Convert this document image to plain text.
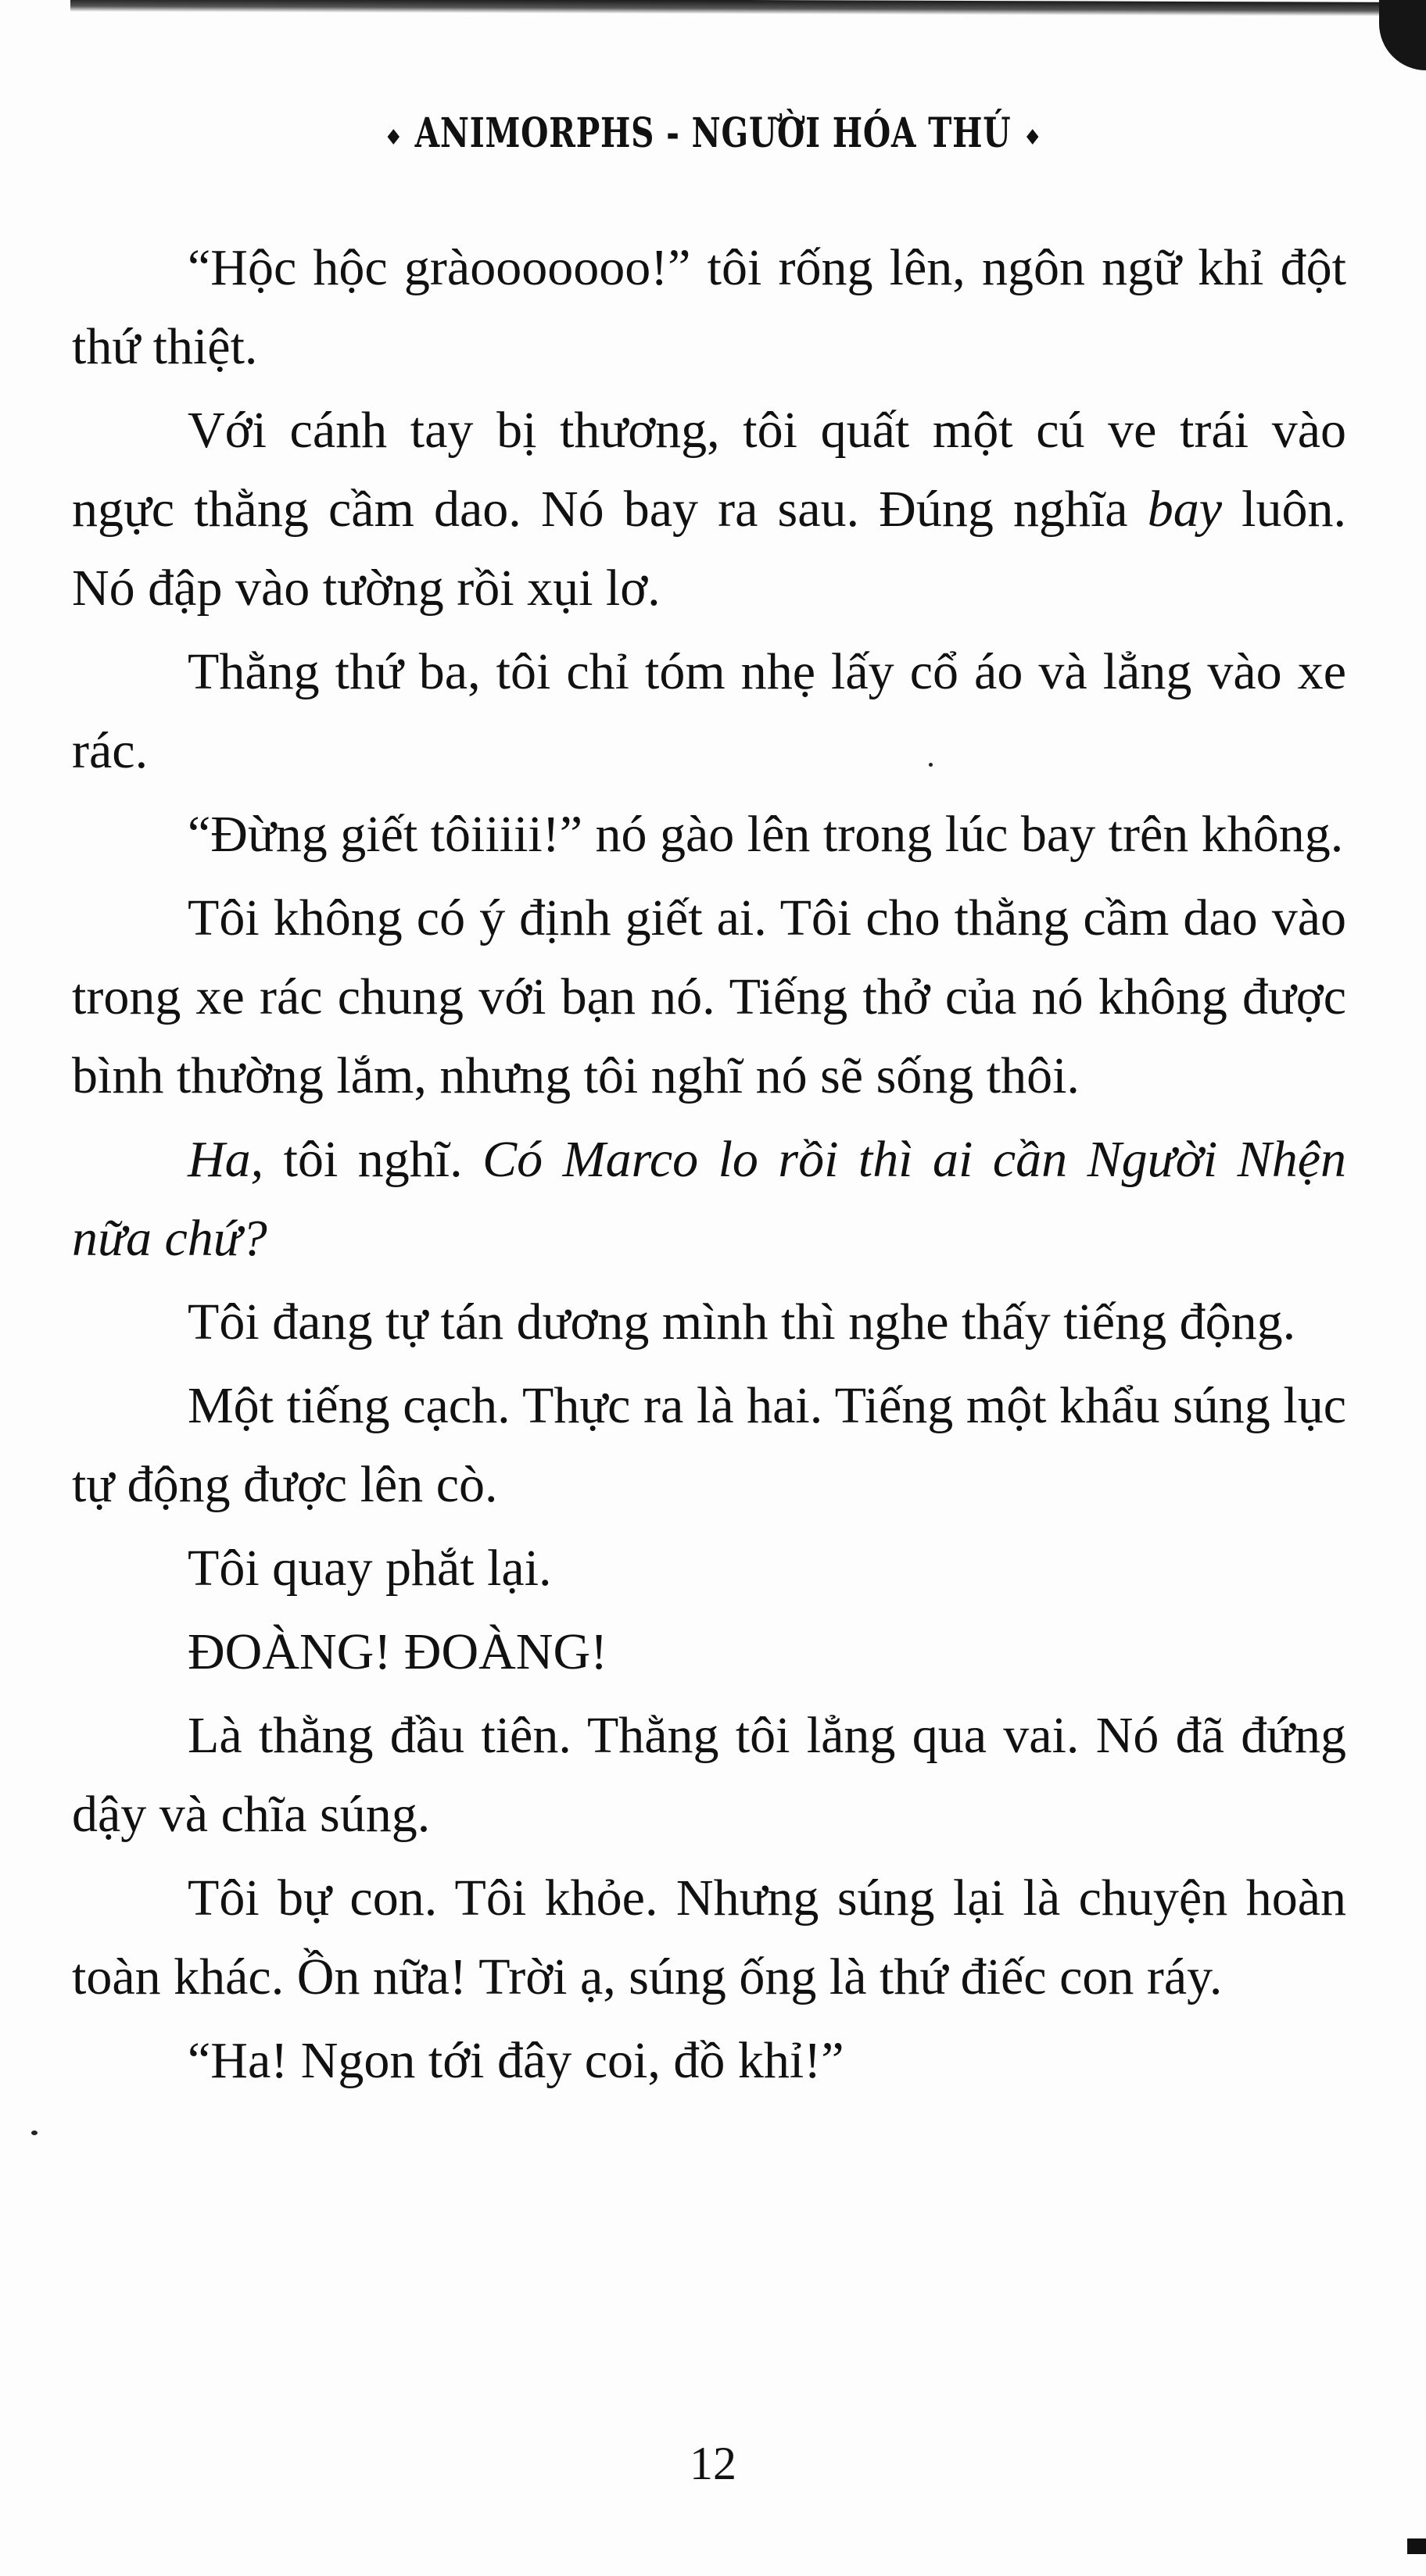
ANIMORPHS - NGƯỜI HÓA THÚ

“Hộc hộc gràooooooo!” tôi rống lên, ngôn ngữ khỉ đột thứ thiệt.

Với cánh tay bị thương, tôi quất một cú ve trái vào ngực thằng cầm dao. Nó bay ra sau. Đúng nghĩa bay luôn. Nó đập vào tường rồi xụi lơ.

Thằng thứ ba, tôi chỉ tóm nhẹ lấy cổ áo và lẳng vào xe rác.

“Đừng giết tôiiiii!” nó gào lên trong lúc bay trên không.

Tôi không có ý định giết ai. Tôi cho thằng cầm dao vào trong xe rác chung với bạn nó. Tiếng thở của nó không được bình thường lắm, nhưng tôi nghĩ nó sẽ sống thôi.

Ha, tôi nghĩ. Có Marco lo rồi thì ai cần Người Nhện nữa chứ?

Tôi đang tự tán dương mình thì nghe thấy tiếng động.

Một tiếng cạch. Thực ra là hai. Tiếng một khẩu súng lục tự động được lên cò.

Tôi quay phắt lại.

ĐOÀNG! ĐOÀNG!

Là thằng đầu tiên. Thằng tôi lẳng qua vai. Nó đã đứng dậy và chĩa súng.

Tôi bự con. Tôi khỏe. Nhưng súng lại là chuyện hoàn toàn khác. Ồn nữa! Trời ạ, súng ống là thứ điếc con ráy.

“Ha! Ngon tới đây coi, đồ khỉ!”

12
